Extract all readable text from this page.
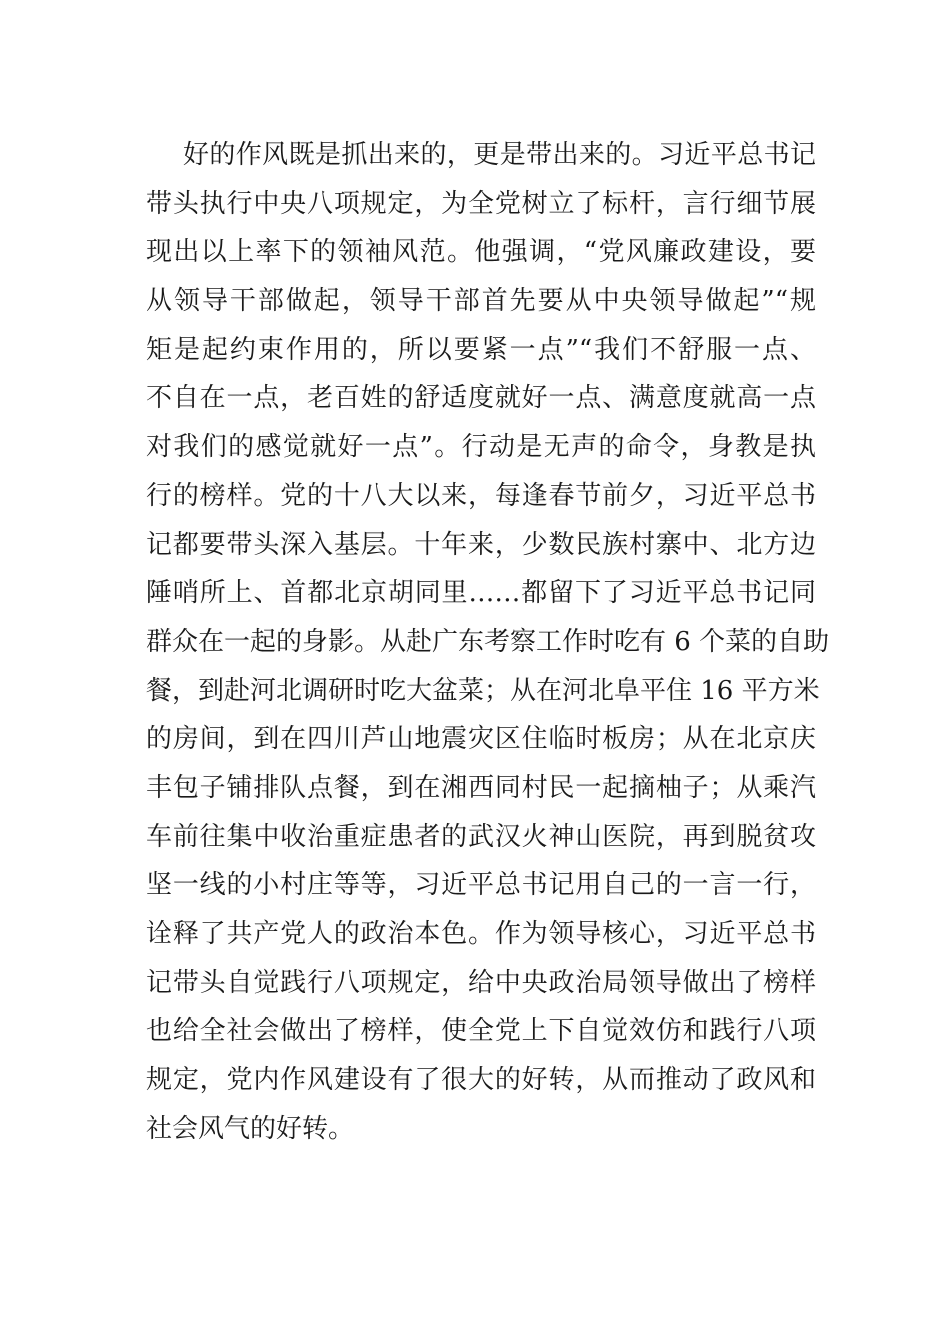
好的作风既是抓出来的，更是带出来的。习近平总书记
带头执行中央八项规定，为全党树立了标杆，言行细节展
现出以上率下的领袖风范。他强调，“党风廉政建设，要
从领导干部做起，领导干部首先要从中央领导做起”“规
矩是起约束作用的，所以要紧一点”“我们不舒服一点、
不自在一点，老百姓的舒适度就好一点、满意度就高一点
对我们的感觉就好一点”。行动是无声的命令，身教是执
行的榜样。党的十八大以来，每逢春节前夕，习近平总书
记都要带头深入基层。十年来，少数民族村寨中、北方边
陲哨所上、首都北京胡同里……都留下了习近平总书记同
群众在一起的身影。从赴广东考察工作时吃有 6 个菜的自助
餐，到赴河北调研时吃大盆菜；从在河北阜平住 16 平方米
的房间，到在四川芦山地震灾区住临时板房；从在北京庆
丰包子铺排队点餐，到在湘西同村民一起摘柚子；从乘汽
车前往集中收治重症患者的武汉火神山医院，再到脱贫攻
坚一线的小村庄等等，习近平总书记用自己的一言一行，
诠释了共产党人的政治本色。作为领导核心，习近平总书
记带头自觉践行八项规定，给中央政治局领导做出了榜样
也给全社会做出了榜样，使全党上下自觉效仿和践行八项
规定，党内作风建设有了很大的好转，从而推动了政风和
社会风气的好转。
